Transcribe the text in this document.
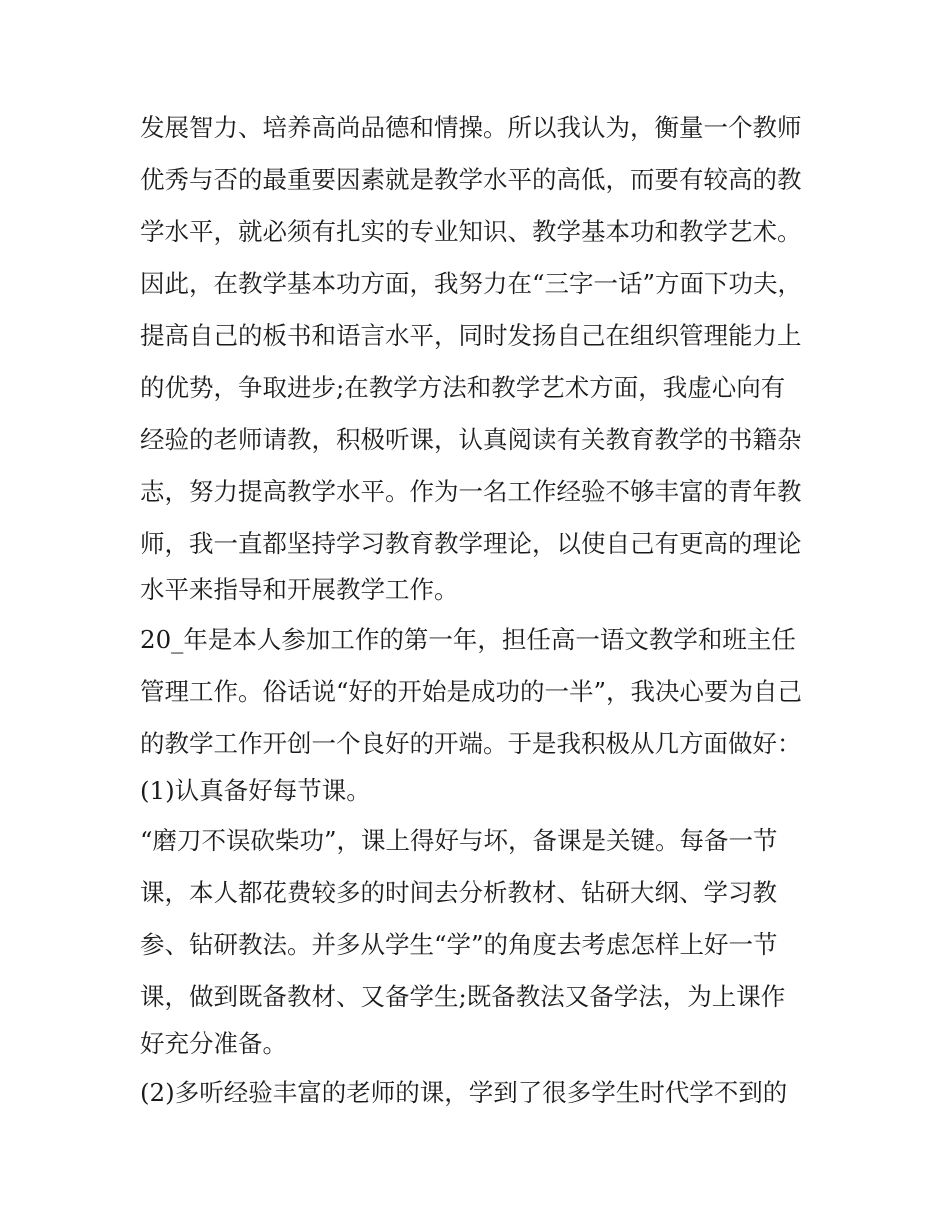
发展智力、培养高尚品德和情操。所以我认为，衡量一个教师
优秀与否的最重要因素就是教学水平的高低，而要有较高的教
学水平，就必须有扎实的专业知识、教学基本功和教学艺术。
因此，在教学基本功方面，我努力在“三字一话”方面下功夫，
提高自己的板书和语言水平，同时发扬自己在组织管理能力上
的优势，争取进步;在教学方法和教学艺术方面，我虚心向有
经验的老师请教，积极听课，认真阅读有关教育教学的书籍杂
志，努力提高教学水平。作为一名工作经验不够丰富的青年教
师，我一直都坚持学习教育教学理论，以使自己有更高的理论
水平来指导和开展教学工作。
20_年是本人参加工作的第一年，担任高一语文教学和班主任
管理工作。俗话说“好的开始是成功的一半”，我决心要为自己
的教学工作开创一个良好的开端。于是我积极从几方面做好：
(1)认真备好每节课。
“磨刀不误砍柴功”，课上得好与坏，备课是关键。每备一节
课，本人都花费较多的时间去分析教材、钻研大纲、学习教
参、钻研教法。并多从学生“学”的角度去考虑怎样上好一节
课，做到既备教材、又备学生;既备教法又备学法，为上课作
好充分准备。
(2)多听经验丰富的老师的课，学到了很多学生时代学不到的
